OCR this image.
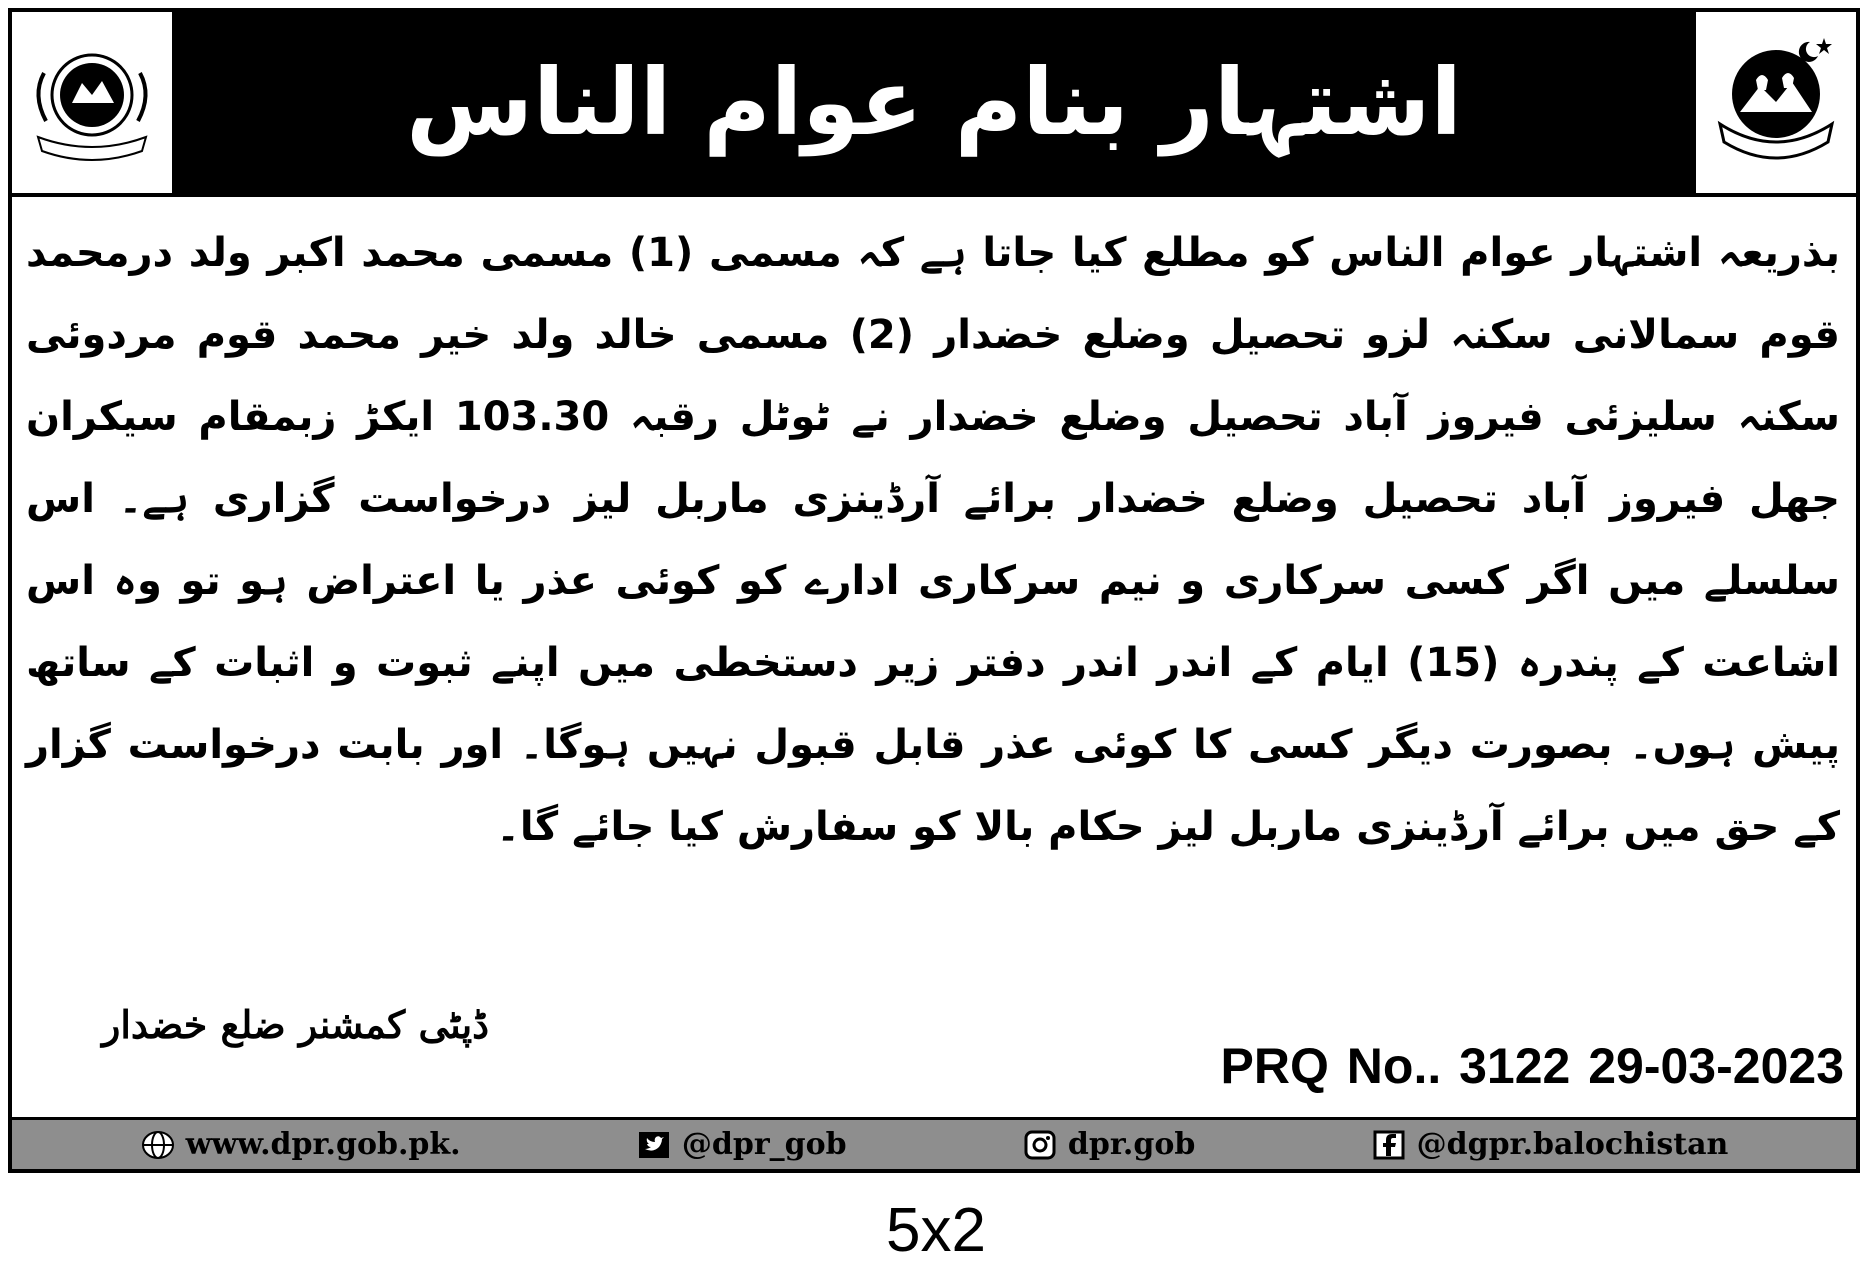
اشتہار بنام عوام الناس
بذریعہ اشتہار عوام الناس کو مطلع کیا جاتا ہے کہ مسمی (1) مسمی محمد اکبر ولد درمحمد قوم سمالانی سکنہ لزو تحصیل وضلع خضدار (2) مسمی خالد ولد خیر محمد قوم مردوئی سکنہ سلیزئی فیروز آباد تحصیل وضلع خضدار نے ٹوٹل رقبہ 103.30 ایکڑ زبمقام سیکران جھل فیروز آباد تحصیل وضلع خضدار برائے آرڈینزی ماربل لیز درخواست گزاری ہے۔ اس سلسلے میں اگر کسی سرکاری و نیم سرکاری ادارے کو کوئی عذر یا اعتراض ہو تو وہ اس اشاعت کے پندرہ (15) ایام کے اندر اندر دفتر زیر دستخطی میں اپنے ثبوت و اثبات کے ساتھ پیش ہوں۔ بصورت دیگر کسی کا کوئی عذر قابل قبول نہیں ہوگا۔ اور بابت درخواست گزار کے حق میں برائے آرڈینزی ماربل لیز حکام بالا کو سفارش کیا جائے گا۔
ڈپٹی کمشنر ضلع خضدار
PRQ No.. 3122 29-03-2023
www.dpr.gob.pk.	@dpr_gob	dpr.gob	@dgpr.balochistan
5x2
